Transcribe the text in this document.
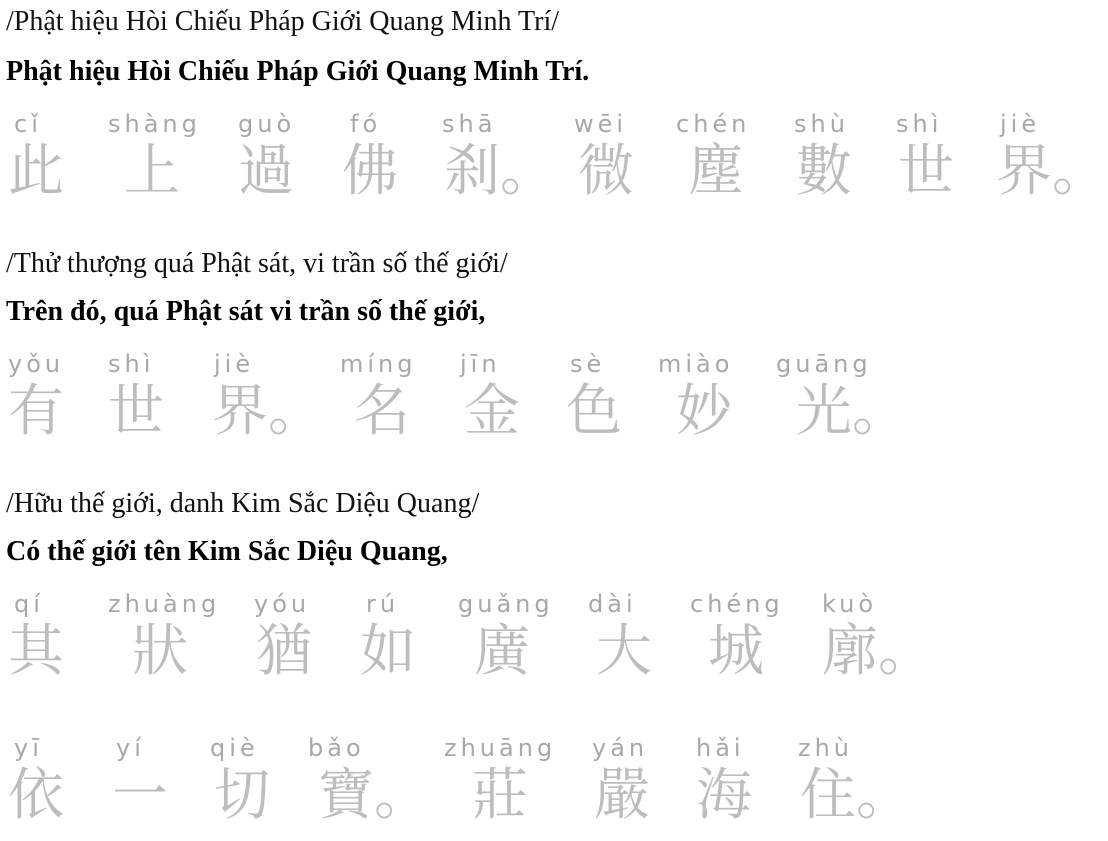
/Phật hiệu Hòi Chiếu Pháp Giới Quang Minh Trí/
Phật hiệu Hòi Chiếu Pháp Giới Quang Minh Trí.
cǐ	shàng guò fó	shā	wēi chén shù shì jiè
此 上 過 佛 刹。 微 塵 數 世 界。
/Thử thượng quá Phật sát, vi trần số thế giới/
Trên đó, quá Phật sát vi trần số thế giới,
yǒu shì jiè	míng jīn	sè miào guāng
有 世 界。 名 金 色 妙 光。
/Hữu thế giới, danh Kim Sắc Diệu Quang/
Có thế giới tên Kim Sắc Diệu Quang,
qí	zhuàng yóu rú guǎng dài chéng kuò
其 狀 猶 如 廣 大 城 廓。
yī	yí	qiè bǎo	zhuāng yán hǎi zhù
依 一 切 寶。 莊 嚴 海 住。
